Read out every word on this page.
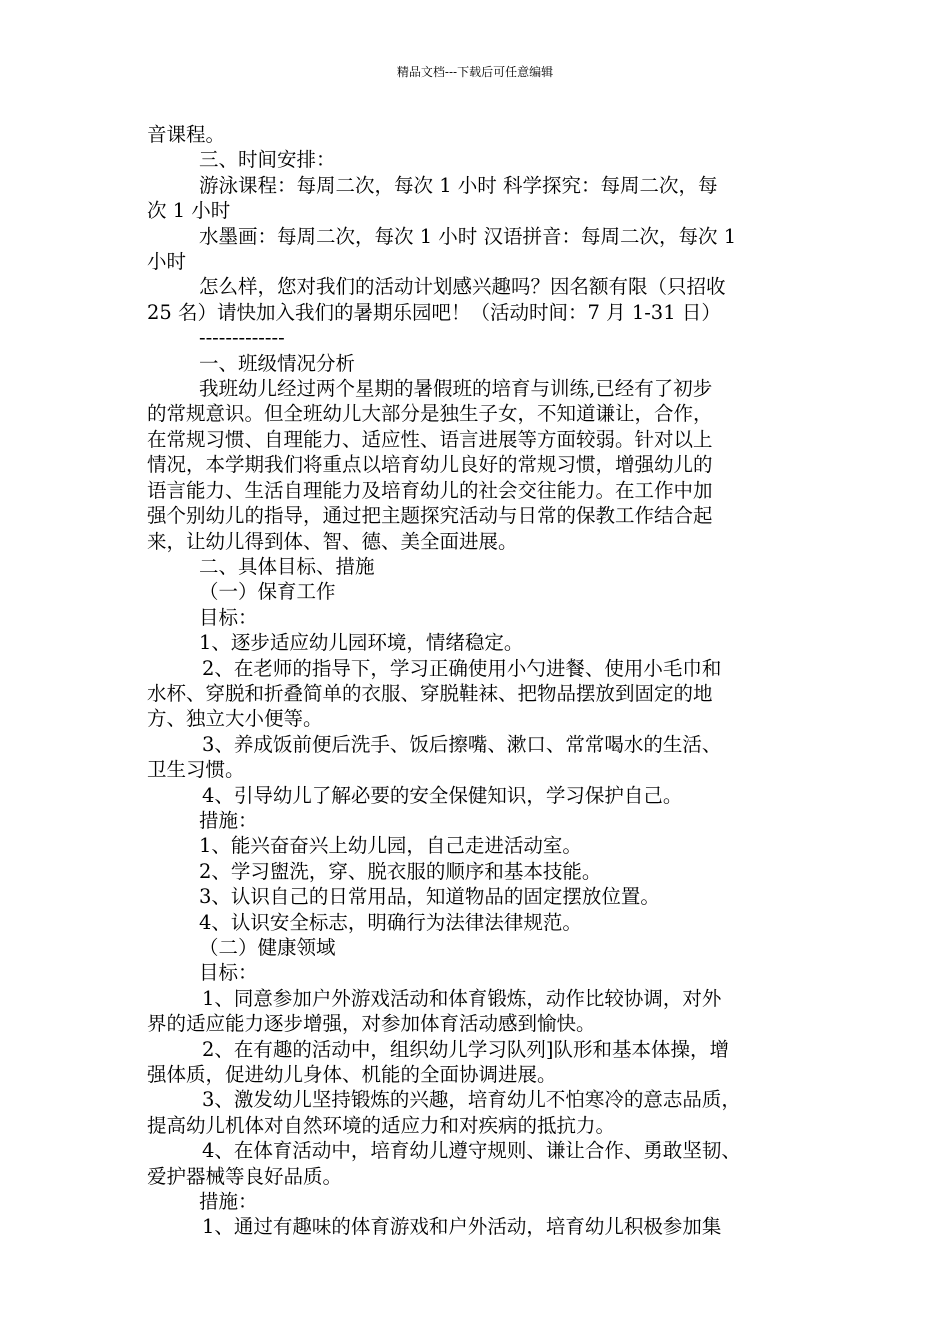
精品文档---下载后可任意编辑

音课程。

三、时间安排：

游泳课程：每周二次，每次 1 小时 科学探究：每周二次，每

次 1 小时

水墨画：每周二次，每次 1 小时 汉语拼音：每周二次，每次 1

小时

怎么样，您对我们的活动计划感兴趣吗？因名额有限（只招收

25 名）请快加入我们的暑期乐园吧！（活动时间：7 月 1-31 日）

-------------

一、班级情况分析

我班幼儿经过两个星期的暑假班的培育与训练,已经有了初步

的常规意识。但全班幼儿大部分是独生子女，不知道谦让，合作，

在常规习惯、自理能力、适应性、语言进展等方面较弱。针对以上

情况，本学期我们将重点以培育幼儿良好的常规习惯，增强幼儿的

语言能力、生活自理能力及培育幼儿的社会交往能力。在工作中加

强个别幼儿的指导，通过把主题探究活动与日常的保教工作结合起

来，让幼儿得到体、智、德、美全面进展。

二、具体目标、措施

（一）保育工作

目标：

1、逐步适应幼儿园环境，情绪稳定。

2、在老师的指导下，学习正确使用小勺进餐、使用小毛巾和

水杯、穿脱和折叠简单的衣服、穿脱鞋袜、把物品摆放到固定的地

方、独立大小便等。

3、养成饭前便后洗手、饭后擦嘴、漱口、常常喝水的生活、

卫生习惯。

4、引导幼儿了解必要的安全保健知识，学习保护自己。

措施：

1、能兴奋奋兴上幼儿园，自己走进活动室。

2、学习盥洗，穿、脱衣服的顺序和基本技能。

3、认识自己的日常用品，知道物品的固定摆放位置。

4、认识安全标志，明确行为法律法律规范。

（二）健康领域

目标：

1、同意参加户外游戏活动和体育锻炼，动作比较协调，对外

界的适应能力逐步增强，对参加体育活动感到愉快。

2、在有趣的活动中，组织幼儿学习队列]队形和基本体操，增

强体质，促进幼儿身体、机能的全面协调进展。

3、激发幼儿坚持锻炼的兴趣，培育幼儿不怕寒冷的意志品质，

提高幼儿机体对自然环境的适应力和对疾病的抵抗力。

4、在体育活动中，培育幼儿遵守规则、谦让合作、勇敢坚韧、

爱护器械等良好品质。

措施：

1、通过有趣味的体育游戏和户外活动，培育幼儿积极参加集
